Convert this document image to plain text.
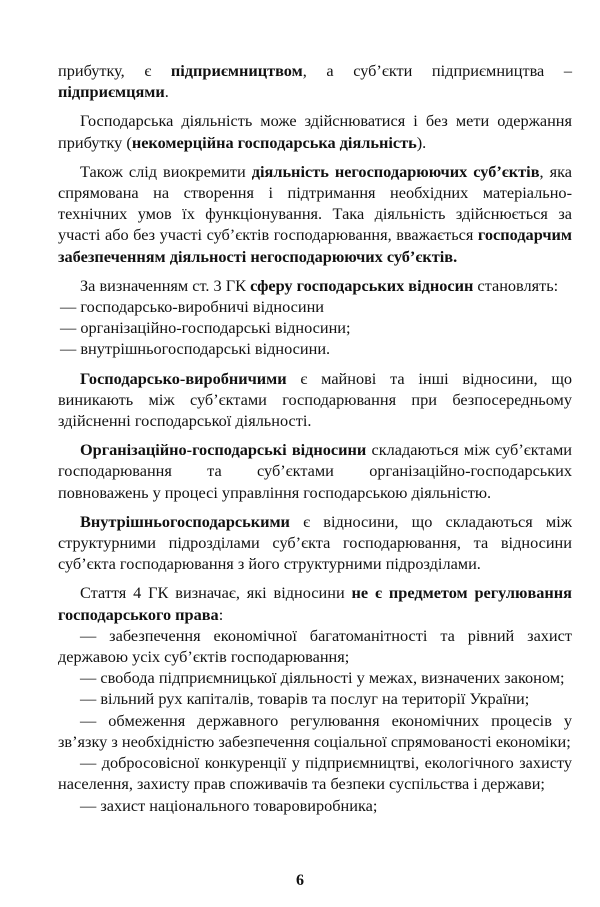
прибутку, є підприємництвом, а суб’єкти підприємництва – підприємцями.

Господарська діяльність може здійснюватися і без мети одержання прибутку (некомерційна господарська діяльність).

Також слід виокремити діяльність негосподарюючих суб’єктів, яка спрямована на створення і підтримання необхідних матеріально-технічних умов їх функціонування. Така діяльність здійснюється за участі або без участі суб’єктів господарювання, вважається господарчим забезпеченням діяльності негосподарюючих суб’єктів.

За визначенням ст. 3 ГК сферу господарських відносин становлять:

— господарсько-виробничі відносини

— організаційно-господарські відносини;

— внутрішньогосподарські відносини.

Господарсько-виробничими є майнові та інші відносини, що виникають між суб’єктами господарювання при безпосередньому здійсненні господарської діяльності.

Організаційно-господарські відносини складаються між суб’єктами господарювання та суб’єктами організаційно-господарських повноважень у процесі управління господарською діяльністю.

Внутрішньогосподарськими є відносини, що складаються між структурними підрозділами суб’єкта господарювання, та відносини суб’єкта господарювання з його структурними підрозділами.

Стаття 4 ГК визначає, які відносини не є предметом регулювання господарського права:

— забезпечення економічної багатоманітності та рівний захист державою усіх суб’єктів господарювання;

— свобода підприємницької діяльності у межах, визначених законом;

— вільний рух капіталів, товарів та послуг на території України;

— обмеження державного регулювання економічних процесів у зв’язку з необхідністю забезпечення соціальної спрямованості економіки;

— добросовісної конкуренції у підприємництві, екологічного захисту населення, захисту прав споживачів та безпеки суспільства і держави;

— захист національного товаровиробника;

6
